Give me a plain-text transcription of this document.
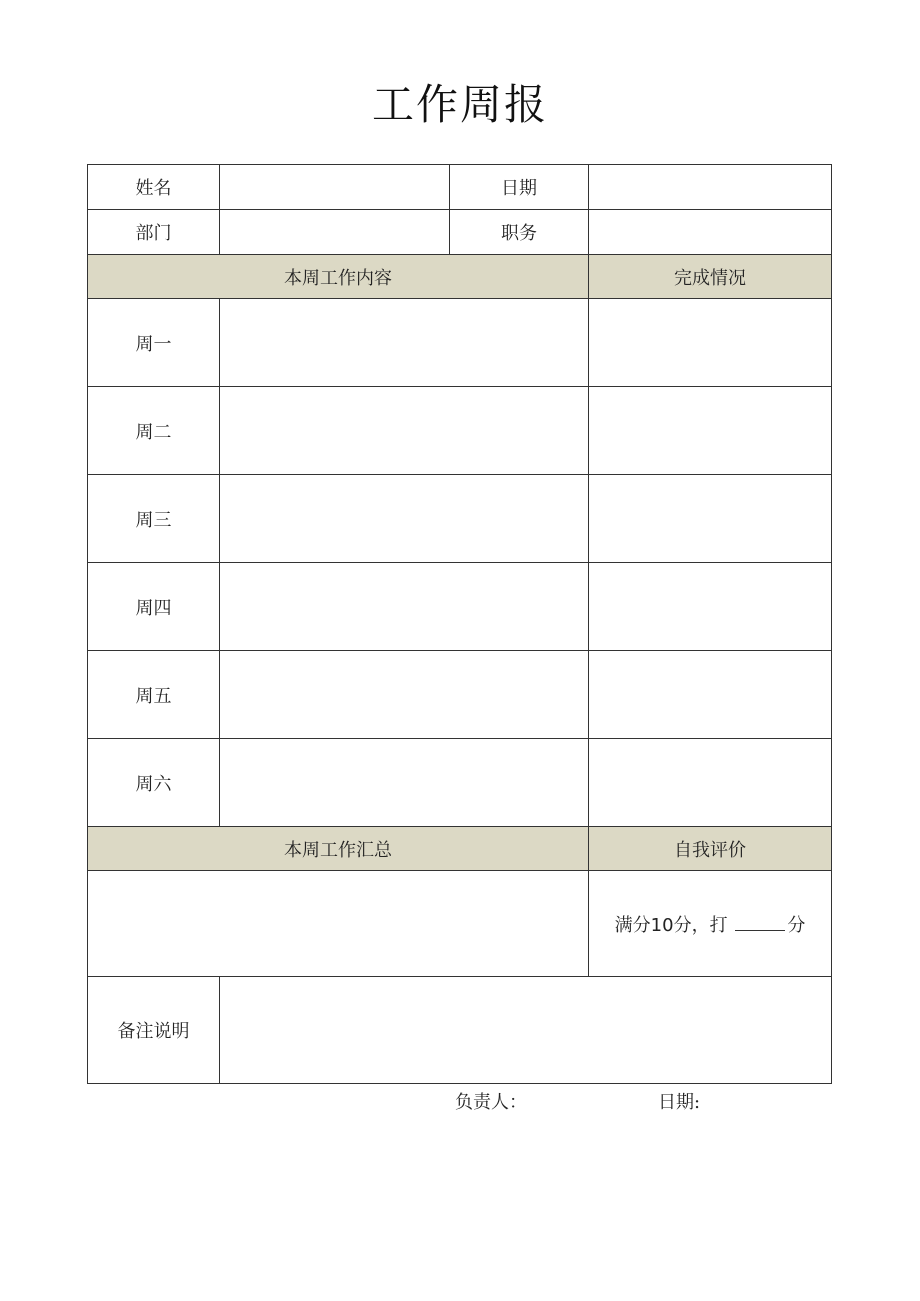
工作周报
姓名		日期	
部门		职务	
本周工作内容			完成情况
周一			
周二			
周三			
周四			
周五			
周六			
本周工作汇总			自我评价
			满分10分，打 分
备注说明			
负责人：	日期:
